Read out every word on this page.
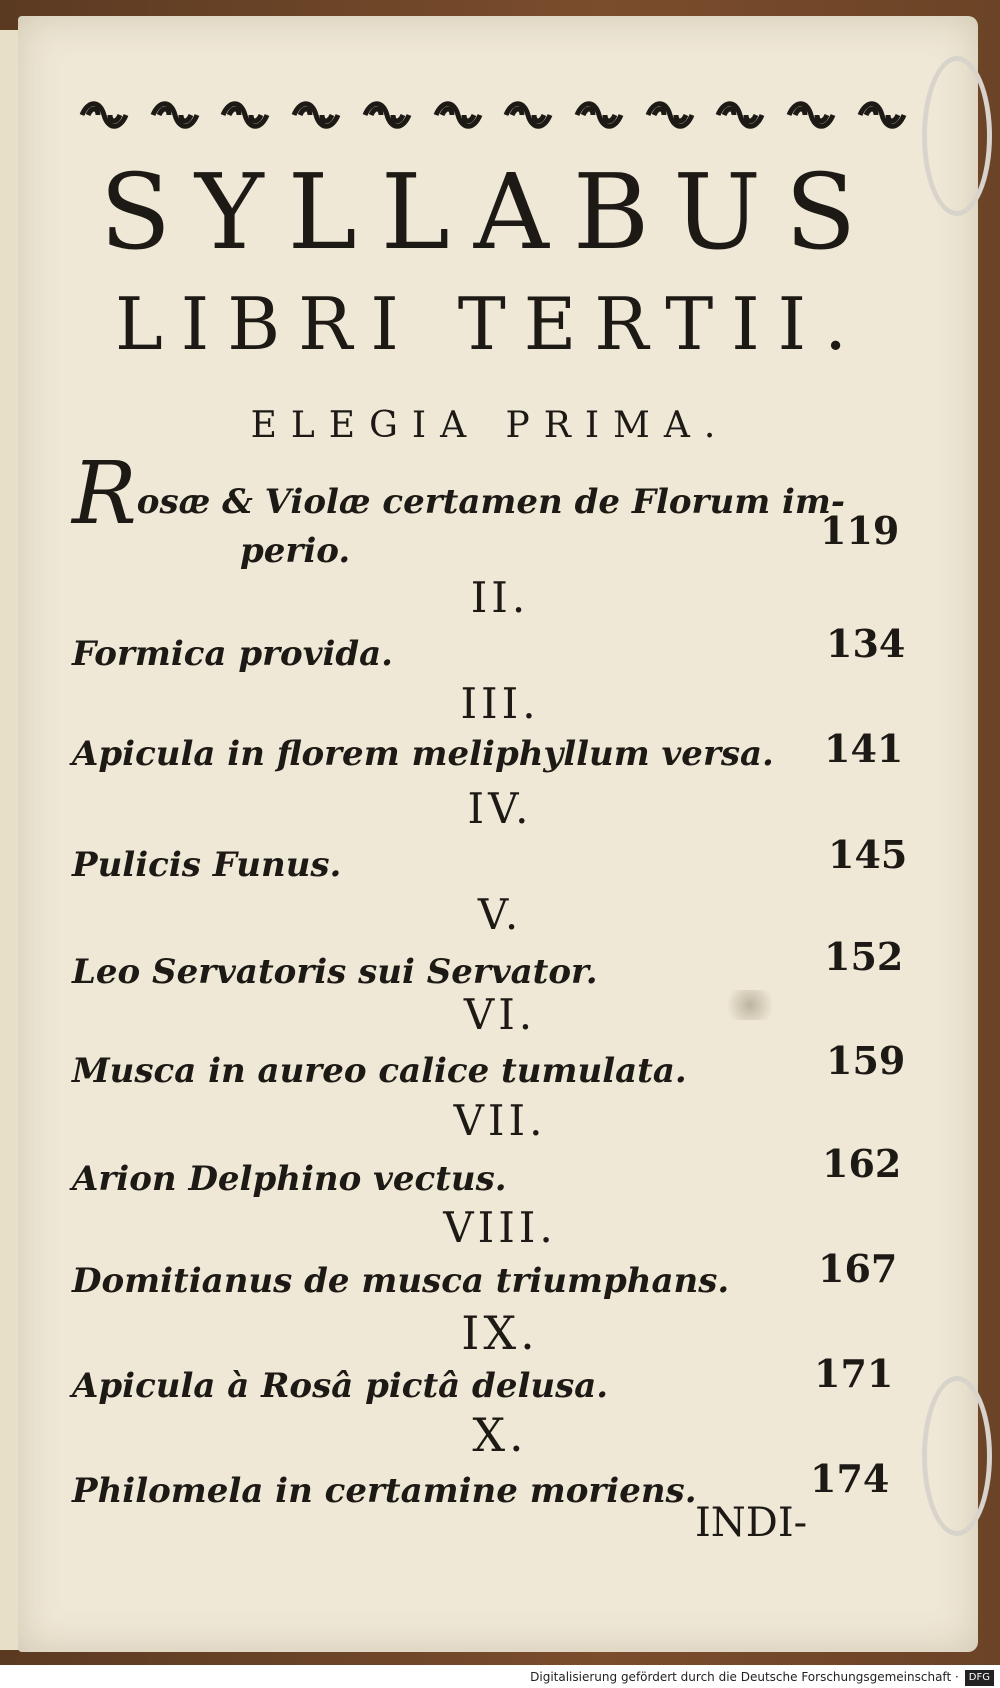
SYLLABUS
LIBRI TERTII.
ELEGIA PRIMA.
Rosæ & Violæ certamen de Florum im-
perio.	119
II.
Formica provida.	134
III.
Apicula in florem meliphyllum versa.	141
IV.
Pulicis Funus.	145
V.
Leo Servatoris sui Servator.	152
VI.
Musca in aureo calice tumulata.	159
VII.
Arion Delphino vectus.	162
VIII.
Domitianus de musca triumphans.	167
IX.
Apicula à Rosâ pictâ delusa.	171
X.
Philomela in certamine moriens.	174
INDI-
Digitalisierung gefördert durch die Deutsche Forschungsgemeinschaft · DFG
